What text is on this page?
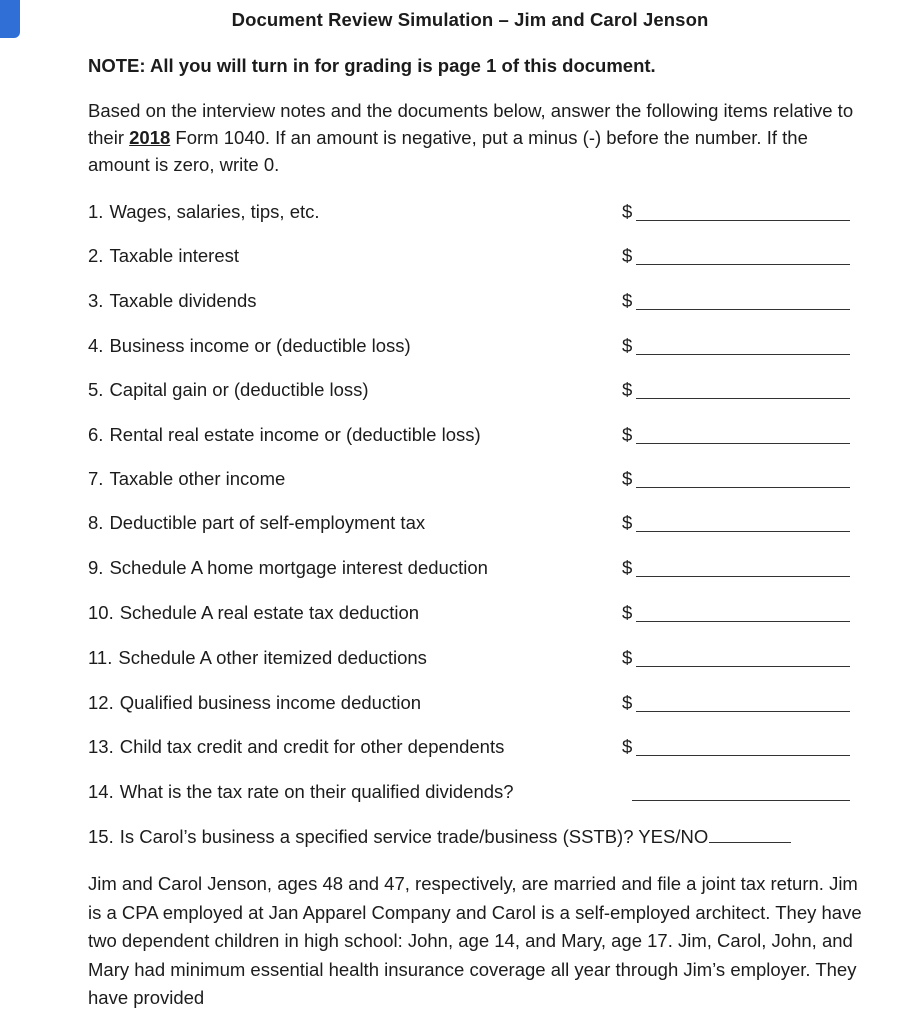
Document Review Simulation – Jim and Carol Jenson
NOTE: All you will turn in for grading is page 1 of this document.

Based on the interview notes and the documents below, answer the following items relative to their 2018 Form 1040. If an amount is negative, put a minus (-) before the number. If the amount is zero, write 0.

1. Wages, salaries, tips, etc.	$
2. Taxable interest	$
3. Taxable dividends	$
4. Business income or (deductible loss)	$
5. Capital gain or (deductible loss)	$
6. Rental real estate income or (deductible loss)	$
7. Taxable other income	$
8. Deductible part of self-employment tax	$
9. Schedule A home mortgage interest deduction	$
10. Schedule A real estate tax deduction	$
11. Schedule A other itemized deductions	$
12. Qualified business income deduction	$
13. Child tax credit and credit for other dependents	$
14. What is the tax rate on their qualified dividends?
15. Is Carol’s business a specified service trade/business (SSTB)? YES/NO

Jim and Carol Jenson, ages 48 and 47, respectively, are married and file a joint tax return. Jim is a CPA employed at Jan Apparel Company and Carol is a self-employed architect. They have two dependent children in high school: John, age 14, and Mary, age 17. Jim, Carol, John, and Mary had minimum essential health insurance coverage all year through Jim’s employer. They have provided
